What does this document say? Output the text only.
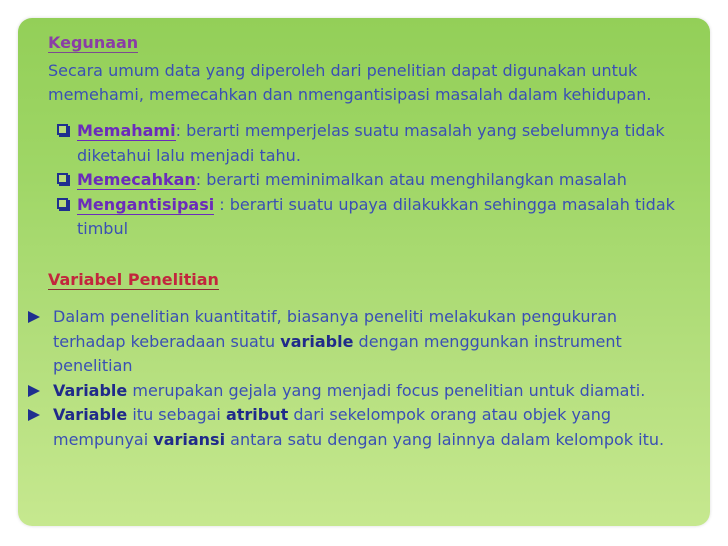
Kegunaan
Secara umum data yang diperoleh dari penelitian dapat digunakan untuk
memehami, memecahkan dan nmengantisipasi masalah dalam kehidupan.
Memahami: berarti memperjelas suatu masalah yang sebelumnya tidak
diketahui lalu menjadi tahu.
Memecahkan: berarti meminimalkan atau menghilangkan masalah
Mengantisipasi : berarti suatu upaya dilakukkan sehingga masalah tidak
timbul
Variabel Penelitian
Dalam penelitian kuantitatif, biasanya peneliti melakukan pengukuran
terhadap keberadaan suatu variable dengan menggunkan instrument
penelitian
Variable merupakan gejala yang menjadi focus penelitian untuk diamati.
Variable itu sebagai atribut dari sekelompok orang atau objek yang
mempunyai variansi antara satu dengan yang lainnya dalam kelompok itu.
